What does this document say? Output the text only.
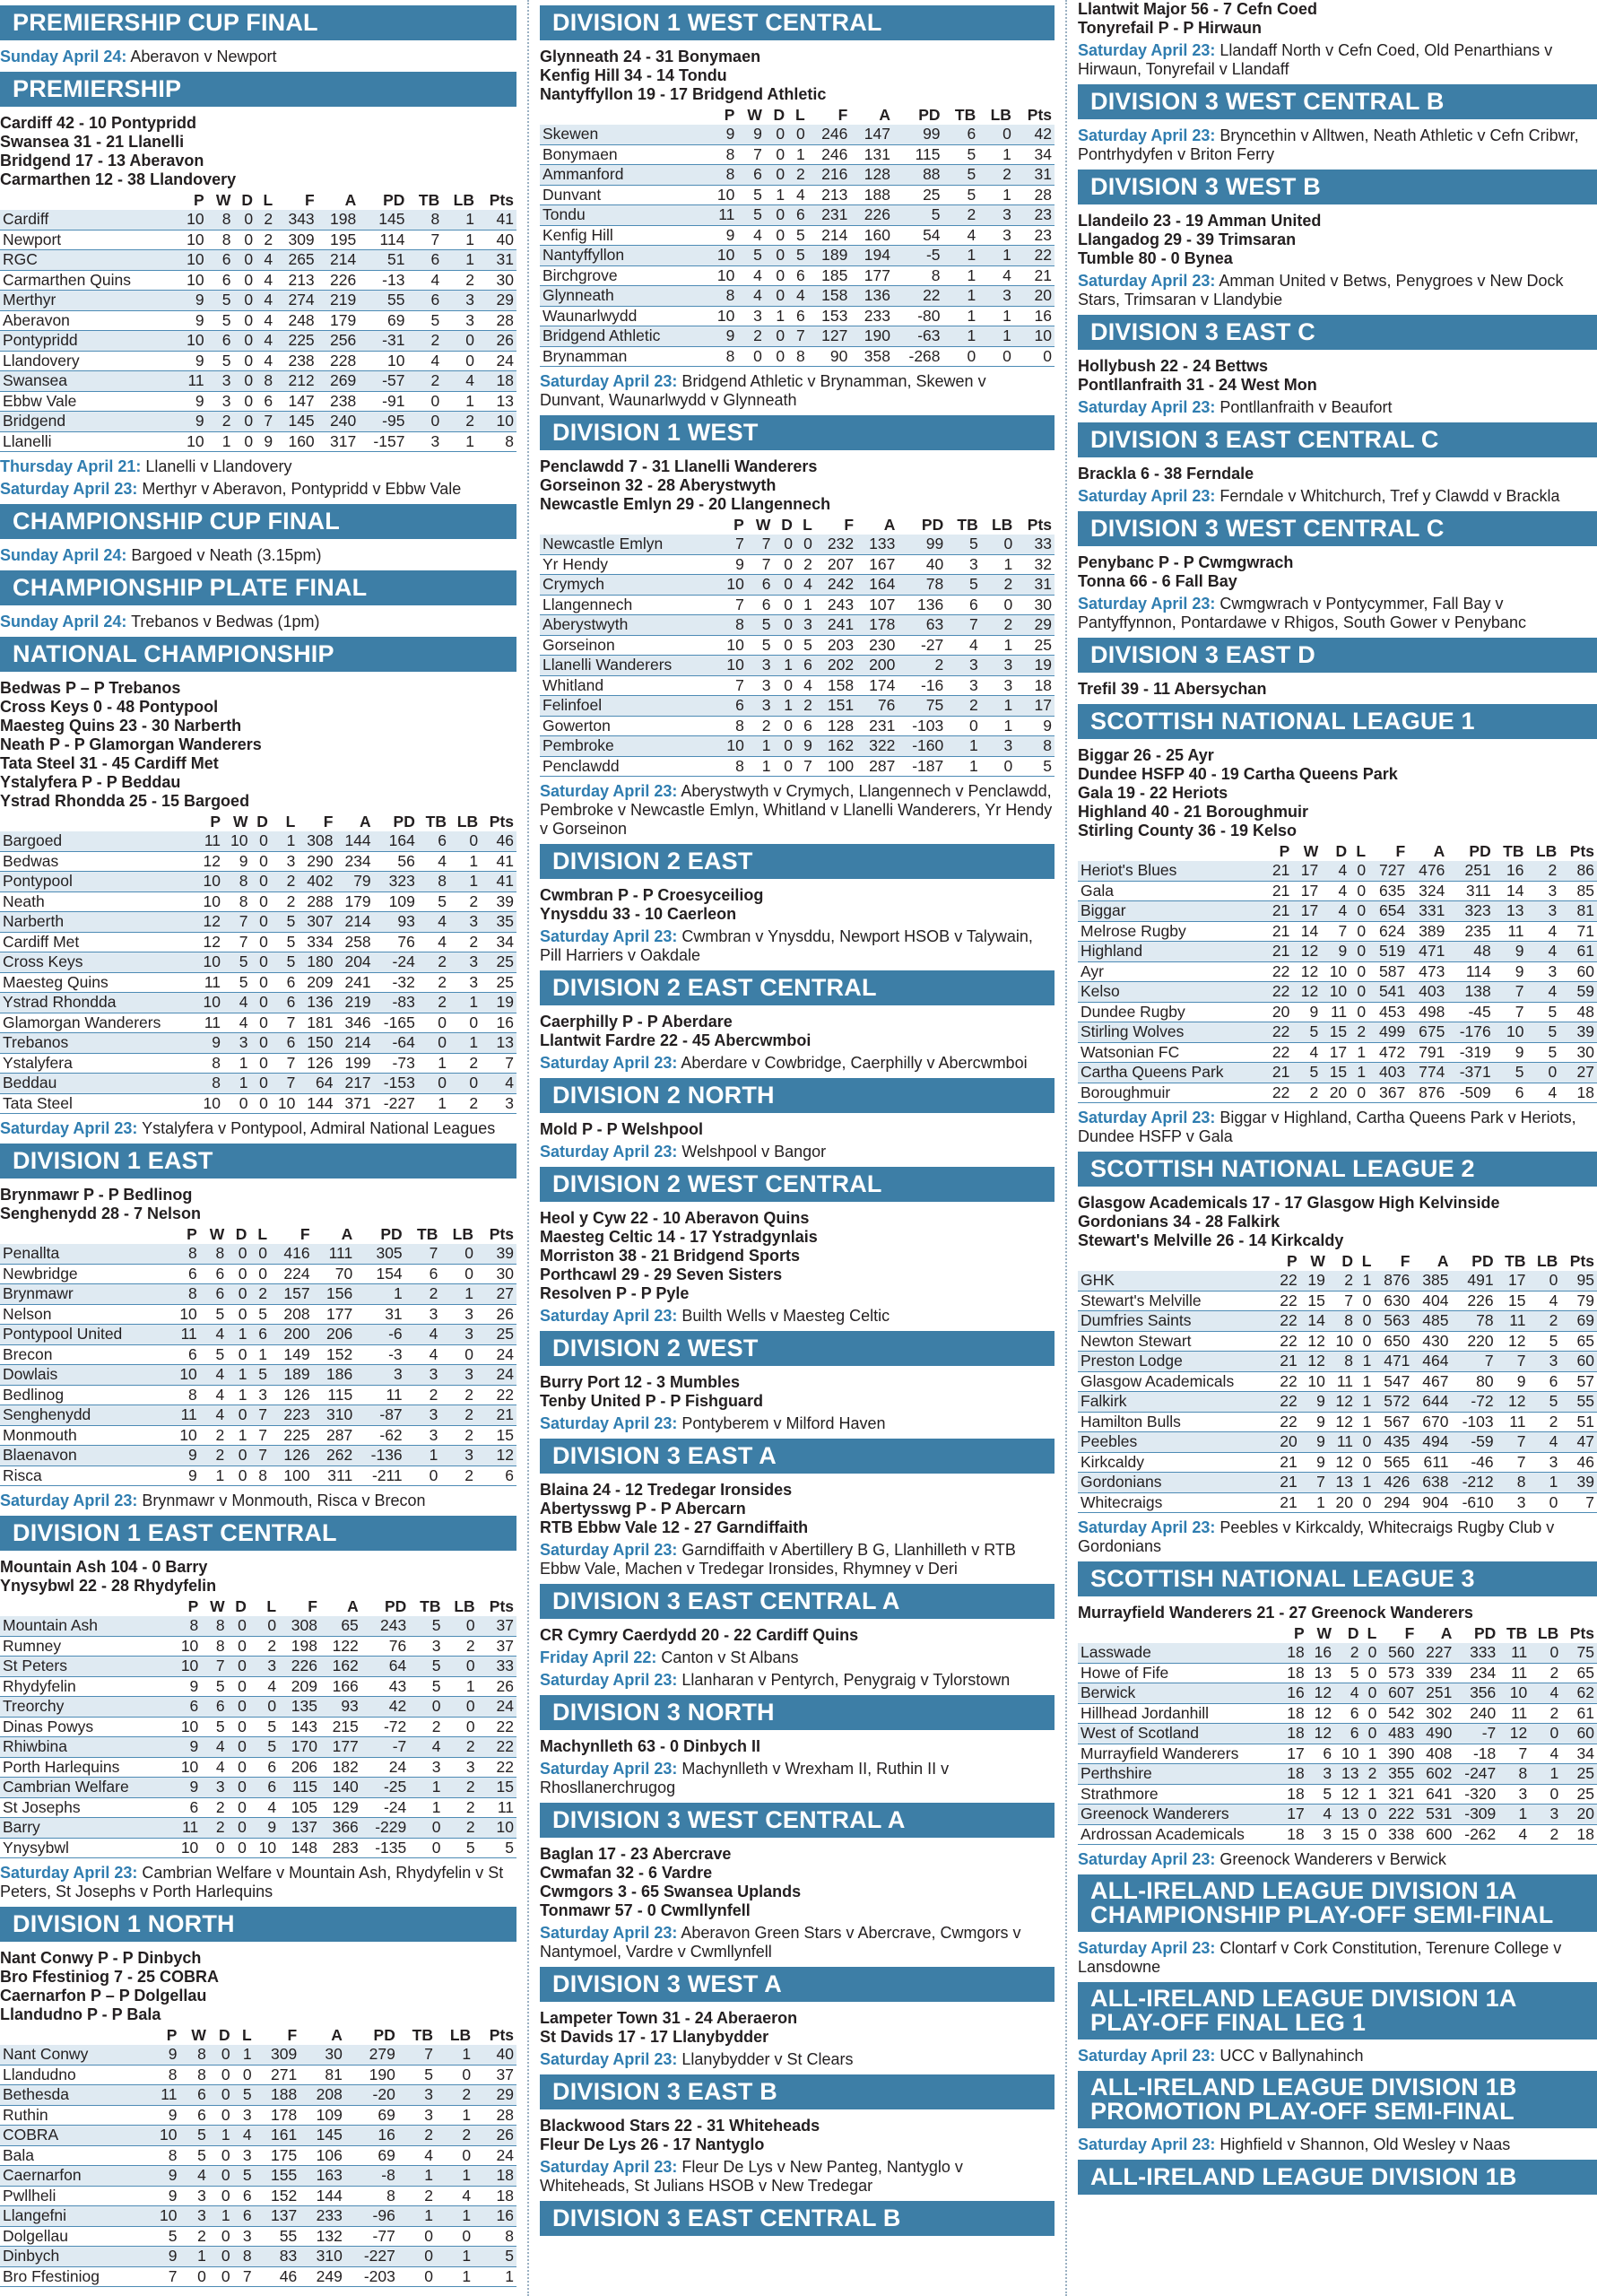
PREMIERSHIP CUP FINAL
Sunday April 24: Aberavon v Newport
PREMIERSHIP
Cardiff 42 - 10 Pontypridd
Swansea 31 - 21 Llanelli
Bridgend 17 - 13 Aberavon
Carmarthen 12 - 38 Llandovery
	P	W	D	L	F	A	PD	TB	LB	Pts
Cardiff	10	8	0	2	343	198	145	8	1	41
Newport	10	8	0	2	309	195	114	7	1	40
RGC	10	6	0	4	265	214	51	6	1	31
Carmarthen Quins	10	6	0	4	213	226	-13	4	2	30
Merthyr	9	5	0	4	274	219	55	6	3	29
Aberavon	9	5	0	4	248	179	69	5	3	28
Pontypridd	10	6	0	4	225	256	-31	2	0	26
Llandovery	9	5	0	4	238	228	10	4	0	24
Swansea	11	3	0	8	212	269	-57	2	4	18
Ebbw Vale	9	3	0	6	147	238	-91	0	1	13
Bridgend	9	2	0	7	145	240	-95	0	2	10
Llanelli	10	1	0	9	160	317	-157	3	1	8
Thursday April 21: Llanelli v Llandovery
Saturday April 23: Merthyr v Aberavon, Pontypridd v Ebbw Vale
CHAMPIONSHIP CUP FINAL
Sunday April 24: Bargoed v Neath (3.15pm)
CHAMPIONSHIP PLATE FINAL
Sunday April 24: Trebanos v Bedwas (1pm)
NATIONAL CHAMPIONSHIP
Bedwas P – P Trebanos
Cross Keys 0 - 48 Pontypool
Maesteg Quins 23 - 30 Narberth
Neath P - P Glamorgan Wanderers
Tata Steel 31 - 45 Cardiff Met
Ystalyfera P - P Beddau
Ystrad Rhondda 25 - 15 Bargoed
	P	W	D	L	F	A	PD	TB	LB	Pts
Bargoed	11	10	0	1	308	144	164	6	0	46
Bedwas	12	9	0	3	290	234	56	4	1	41
Pontypool	10	8	0	2	402	79	323	8	1	41
Neath	10	8	0	2	288	179	109	5	2	39
Narberth	12	7	0	5	307	214	93	4	3	35
Cardiff Met	12	7	0	5	334	258	76	4	2	34
Cross Keys	10	5	0	5	180	204	-24	2	3	25
Maesteg Quins	11	5	0	6	209	241	-32	2	3	25
Ystrad Rhondda	10	4	0	6	136	219	-83	2	1	19
Glamorgan Wanderers	11	4	0	7	181	346	-165	0	0	16
Trebanos	9	3	0	6	150	214	-64	0	1	13
Ystalyfera	8	1	0	7	126	199	-73	1	2	7
Beddau	8	1	0	7	64	217	-153	0	0	4
Tata Steel	10	0	0	10	144	371	-227	1	2	3
Saturday April 23: Ystalyfera v Pontypool, Admiral National Leagues
DIVISION 1 EAST
Brynmawr P - P Bedlinog
Senghenydd 28 - 7 Nelson
	P	W	D	L	F	A	PD	TB	LB	Pts
Penallta	8	8	0	0	416	111	305	7	0	39
Newbridge	6	6	0	0	224	70	154	6	0	30
Brynmawr	8	6	0	2	157	156	1	2	1	27
Nelson	10	5	0	5	208	177	31	3	3	26
Pontypool United	11	4	1	6	200	206	-6	4	3	25
Brecon	6	5	0	1	149	152	-3	4	0	24
Dowlais	10	4	1	5	189	186	3	3	3	24
Bedlinog	8	4	1	3	126	115	11	2	2	22
Senghenydd	11	4	0	7	223	310	-87	3	2	21
Monmouth	10	2	1	7	225	287	-62	3	2	15
Blaenavon	9	2	0	7	126	262	-136	1	3	12
Risca	9	1	0	8	100	311	-211	0	2	6
Saturday April 23: Brynmawr v Monmouth, Risca v Brecon
DIVISION 1 EAST CENTRAL
Mountain Ash 104 - 0 Barry
Ynysybwl 22 - 28 Rhydyfelin
	P	W	D	L	F	A	PD	TB	LB	Pts
Mountain Ash	8	8	0	0	308	65	243	5	0	37
Rumney	10	8	0	2	198	122	76	3	2	37
St Peters	10	7	0	3	226	162	64	5	0	33
Rhydyfelin	9	5	0	4	209	166	43	5	1	26
Treorchy	6	6	0	0	135	93	42	0	0	24
Dinas Powys	10	5	0	5	143	215	-72	2	0	22
Rhiwbina	9	4	0	5	170	177	-7	4	2	22
Porth Harlequins	10	4	0	6	206	182	24	3	3	22
Cambrian Welfare	9	3	0	6	115	140	-25	1	2	15
St Josephs	6	2	0	4	105	129	-24	1	2	11
Barry	11	2	0	9	137	366	-229	0	2	10
Ynysybwl	10	0	0	10	148	283	-135	0	5	5
Saturday April 23: Cambrian Welfare v Mountain Ash, Rhydyfelin v St Peters, St Josephs v Porth Harlequins
DIVISION 1 NORTH
Nant Conwy P - P Dinbych
Bro Ffestiniog 7 - 25 COBRA
Caernarfon P – P Dolgellau
Llandudno P - P Bala
	P	W	D	L	F	A	PD	TB	LB	Pts
Nant Conwy	9	8	0	1	309	30	279	7	1	40
Llandudno	8	8	0	0	271	81	190	5	0	37
Bethesda	11	6	0	5	188	208	-20	3	2	29
Ruthin	9	6	0	3	178	109	69	3	1	28
COBRA	10	5	1	4	161	145	16	2	2	26
Bala	8	5	0	3	175	106	69	4	0	24
Caernarfon	9	4	0	5	155	163	-8	1	1	18
Pwllheli	9	3	0	6	152	144	8	2	4	18
Llangefni	10	3	1	6	137	233	-96	1	1	16
Dolgellau	5	2	0	3	55	132	-77	0	0	8
Dinbych	9	1	0	8	83	310	-227	0	1	5
Bro Ffestiniog	7	0	0	7	46	249	-203	0	1	1
DIVISION 1 WEST CENTRAL
Glynneath 24 - 31 Bonymaen
Kenfig Hill 34 - 14 Tondu
Nantyffyllon 19 - 17 Bridgend Athletic
	P	W	D	L	F	A	PD	TB	LB	Pts
Skewen	9	9	0	0	246	147	99	6	0	42
Bonymaen	8	7	0	1	246	131	115	5	1	34
Ammanford	8	6	0	2	216	128	88	5	2	31
Dunvant	10	5	1	4	213	188	25	5	1	28
Tondu	11	5	0	6	231	226	5	2	3	23
Kenfig Hill	9	4	0	5	214	160	54	4	3	23
Nantyffyllon	10	5	0	5	189	194	-5	1	1	22
Birchgrove	10	4	0	6	185	177	8	1	4	21
Glynneath	8	4	0	4	158	136	22	1	3	20
Waunarlwydd	10	3	1	6	153	233	-80	1	1	16
Bridgend Athletic	9	2	0	7	127	190	-63	1	1	10
Brynamman	8	0	0	8	90	358	-268	0	0	0
Saturday April 23: Bridgend Athletic v Brynamman, Skewen v Dunvant, Waunarlwydd v Glynneath
DIVISION 1 WEST
Penclawdd 7 - 31 Llanelli Wanderers
Gorseinon 32 - 28 Aberystwyth
Newcastle Emlyn 29 - 20 Llangennech
	P	W	D	L	F	A	PD	TB	LB	Pts
Newcastle Emlyn	7	7	0	0	232	133	99	5	0	33
Yr Hendy	9	7	0	2	207	167	40	3	1	32
Crymych	10	6	0	4	242	164	78	5	2	31
Llangennech	7	6	0	1	243	107	136	6	0	30
Aberystwyth	8	5	0	3	241	178	63	7	2	29
Gorseinon	10	5	0	5	203	230	-27	4	1	25
Llanelli Wanderers	10	3	1	6	202	200	2	3	3	19
Whitland	7	3	0	4	158	174	-16	3	3	18
Felinfoel	6	3	1	2	151	76	75	2	1	17
Gowerton	8	2	0	6	128	231	-103	0	1	9
Pembroke	10	1	0	9	162	322	-160	1	3	8
Penclawdd	8	1	0	7	100	287	-187	1	0	5
Saturday April 23: Aberystwyth v Crymych, Llangennech v Penclawdd, Pembroke v Newcastle Emlyn, Whitland v Llanelli Wanderers, Yr Hendy v Gorseinon
DIVISION 2 EAST
Cwmbran P - P Croesyceiliog
Ynysddu 33 - 10 Caerleon
Saturday April 23: Cwmbran v Ynysddu, Newport HSOB v Talywain, Pill Harriers v Oakdale
DIVISION 2 EAST CENTRAL
Caerphilly P - P Aberdare
Llantwit Fardre 22 - 45 Abercwmboi
Saturday April 23: Aberdare v Cowbridge, Caerphilly v Abercwmboi
DIVISION 2 NORTH
Mold P - P Welshpool
Saturday April 23: Welshpool v Bangor
DIVISION 2 WEST CENTRAL
Heol y Cyw 22 - 10 Aberavon Quins
Maesteg Celtic 14 - 17 Ystradgynlais
Morriston 38 - 21 Bridgend Sports
Porthcawl 29 - 29 Seven Sisters
Resolven P - P Pyle
Saturday April 23: Builth Wells v Maesteg Celtic
DIVISION 2 WEST
Burry Port 12 - 3 Mumbles
Tenby United P - P Fishguard
Saturday April 23: Pontyberem v Milford Haven
DIVISION 3 EAST A
Blaina 24 - 12 Tredegar Ironsides
Abertysswg P - P Abercarn
RTB Ebbw Vale 12 - 27 Garndiffaith
Saturday April 23: Garndiffaith v Abertillery B G, Llanhilleth v RTB Ebbw Vale, Machen v Tredegar Ironsides, Rhymney v Deri
DIVISION 3 EAST CENTRAL A
CR Cymry Caerdydd 20 - 22 Cardiff Quins
Friday April 22: Canton v St Albans
Saturday April 23: Llanharan v Pentyrch, Penygraig v Tylorstown
DIVISION 3 NORTH
Machynlleth 63 - 0 Dinbych II
Saturday April 23: Machynlleth v Wrexham II, Ruthin II v Rhosllanerchrugog
DIVISION 3 WEST CENTRAL A
Baglan 17 - 23 Abercrave
Cwmafan 32 - 6 Vardre
Cwmgors 3 - 65 Swansea Uplands
Tonmawr 57 - 0 Cwmllynfell
Saturday April 23: Aberavon Green Stars v Abercrave, Cwmgors v Nantymoel, Vardre v Cwmllynfell
DIVISION 3 WEST A
Lampeter Town 31 - 24 Aberaeron
St Davids 17 - 17 Llanybydder
Saturday April 23: Llanybydder v St Clears
DIVISION 3 EAST B
Blackwood Stars 22 - 31 Whiteheads
Fleur De Lys 26 - 17 Nantyglo
Saturday April 23: Fleur De Lys v New Panteg, Nantyglo v Whiteheads, St Julians HSOB v New Tredegar
DIVISION 3 EAST CENTRAL B
Llantwit Major 56 - 7 Cefn Coed
Tonyrefail P - P Hirwaun
Saturday April 23: Llandaff North v Cefn Coed, Old Penarthians v Hirwaun, Tonyrefail v Llandaff
DIVISION 3 WEST CENTRAL B
Saturday April 23: Bryncethin v Alltwen, Neath Athletic v Cefn Cribwr, Pontrhydyfen v Briton Ferry
DIVISION 3 WEST B
Llandeilo 23 - 19 Amman United
Llangadog 29 - 39 Trimsaran
Tumble 80 - 0 Bynea
Saturday April 23: Amman United v Betws, Penygroes v New Dock Stars, Trimsaran v Llandybie
DIVISION 3 EAST C
Hollybush 22 - 24 Bettws
Pontllanfraith 31 - 24 West Mon
Saturday April 23: Pontllanfraith v Beaufort
DIVISION 3 EAST CENTRAL C
Brackla 6 - 38 Ferndale
Saturday April 23: Ferndale v Whitchurch, Tref y Clawdd v Brackla
DIVISION 3 WEST CENTRAL C
Penybanc P - P Cwmgwrach
Tonna 66 - 6 Fall Bay
Saturday April 23: Cwmgwrach v Pontycymmer, Fall Bay v Pantyffynnon, Pontardawe v Rhigos, South Gower v Penybanc
DIVISION 3 EAST D
Trefil 39 - 11 Abersychan
SCOTTISH NATIONAL LEAGUE 1
Biggar 26 - 25 Ayr
Dundee HSFP 40 - 19 Cartha Queens Park
Gala 19 - 22 Heriots
Highland 40 - 21 Boroughmuir
Stirling County 36 - 19 Kelso
	P	W	D	L	F	A	PD	TB	LB	Pts
Heriot's Blues	21	17	4	0	727	476	251	16	2	86
Gala	21	17	4	0	635	324	311	14	3	85
Biggar	21	17	4	0	654	331	323	13	3	81
Melrose Rugby	21	14	7	0	624	389	235	11	4	71
Highland	21	12	9	0	519	471	48	9	4	61
Ayr	22	12	10	0	587	473	114	9	3	60
Kelso	22	12	10	0	541	403	138	7	4	59
Dundee Rugby	20	9	11	0	453	498	-45	7	5	48
Stirling Wolves	22	5	15	2	499	675	-176	10	5	39
Watsonian FC	22	4	17	1	472	791	-319	9	5	30
Cartha Queens Park	21	5	15	1	403	774	-371	5	0	27
Boroughmuir	22	2	20	0	367	876	-509	6	4	18
Saturday April 23: Biggar v Highland, Cartha Queens Park v Heriots, Dundee HSFP v Gala
SCOTTISH NATIONAL LEAGUE 2
Glasgow Academicals 17 - 17 Glasgow High Kelvinside
Gordonians 34 - 28 Falkirk
Stewart's Melville 26 - 14 Kirkcaldy
	P	W	D	L	F	A	PD	TB	LB	Pts
GHK	22	19	2	1	876	385	491	17	0	95
Stewart's Melville	22	15	7	0	630	404	226	15	4	79
Dumfries Saints	22	14	8	0	563	485	78	11	2	69
Newton Stewart	22	12	10	0	650	430	220	12	5	65
Preston Lodge	21	12	8	1	471	464	7	7	3	60
Glasgow Academicals	22	10	11	1	547	467	80	9	6	57
Falkirk	22	9	12	1	572	644	-72	12	5	55
Hamilton Bulls	22	9	12	1	567	670	-103	11	2	51
Peebles	20	9	11	0	435	494	-59	7	4	47
Kirkcaldy	21	9	12	0	565	611	-46	7	3	46
Gordonians	21	7	13	1	426	638	-212	8	1	39
Whitecraigs	21	1	20	0	294	904	-610	3	0	7
Saturday April 23: Peebles v Kirkcaldy, Whitecraigs Rugby Club v Gordonians
SCOTTISH NATIONAL LEAGUE 3
Murrayfield Wanderers 21 - 27 Greenock Wanderers
	P	W	D	L	F	A	PD	TB	LB	Pts
Lasswade	18	16	2	0	560	227	333	11	0	75
Howe of Fife	18	13	5	0	573	339	234	11	2	65
Berwick	16	12	4	0	607	251	356	10	4	62
Hillhead Jordanhill	18	12	6	0	542	302	240	11	2	61
West of Scotland	18	12	6	0	483	490	-7	12	0	60
Murrayfield Wanderers	17	6	10	1	390	408	-18	7	4	34
Perthshire	18	3	13	2	355	602	-247	8	1	25
Strathmore	18	5	12	1	321	641	-320	3	0	25
Greenock Wanderers	17	4	13	0	222	531	-309	1	3	20
Ardrossan Academicals	18	3	15	0	338	600	-262	4	2	18
Saturday April 23: Greenock Wanderers v Berwick
ALL-IRELAND LEAGUE DIVISION 1A CHAMPIONSHIP PLAY-OFF SEMI-FINAL
Saturday April 23: Clontarf v Cork Constitution, Terenure College v Lansdowne
ALL-IRELAND LEAGUE DIVISION 1A PLAY-OFF FINAL LEG 1
Saturday April 23: UCC v Ballynahinch
ALL-IRELAND LEAGUE DIVISION 1B PROMOTION PLAY-OFF SEMI-FINAL
Saturday April 23: Highfield v Shannon, Old Wesley v Naas
ALL-IRELAND LEAGUE DIVISION 1B
